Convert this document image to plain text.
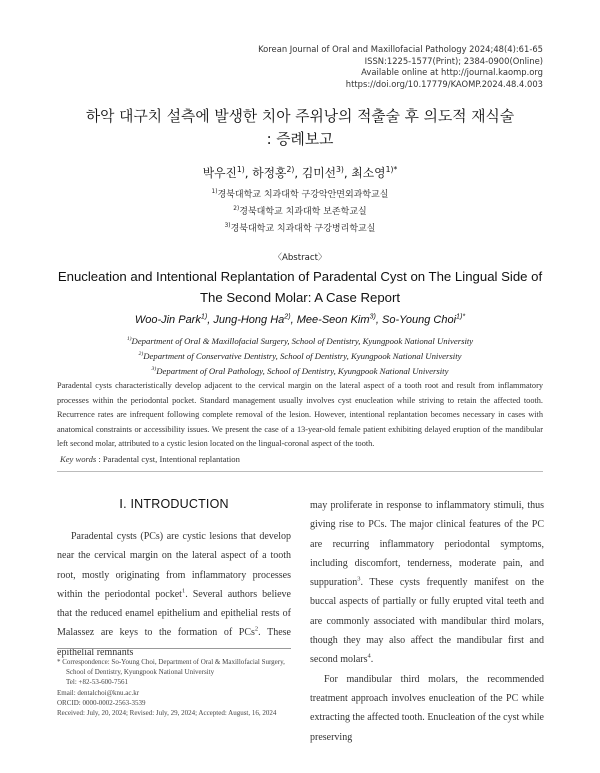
Korean Journal of Oral and Maxillofacial Pathology 2024;48(4):61-65
ISSN:1225-1577(Print); 2384-0900(Online)
Available online at http://journal.kaomp.org
https://doi.org/10.17779/KAOMP.2024.48.4.003
하악 대구치 설측에 발생한 치아 주위낭의 적출술 후 의도적 재식술
: 증례보고
박우진$^{1)}$, 하정홍$^{2)}$, 김미선$^{3)}$, 최소영$^{1)*}$
$^{1)}$경북대학교 치과대학 구강악안면외과학교실
$^{2)}$경북대학교 치과대학 보존학교실
$^{3)}$경북대학교 치과대학 구강병리학교실
〈Abstract〉
Enucleation and Intentional Replantation of Paradental Cyst on The Lingual Side of
The Second Molar: A Case Report
Woo-Jin Park$^{1)}$, Jung-Hong Ha$^{2)}$, Mee-Seon Kim$^{3)}$, So-Young Choi$^{1)*}$
$^{1)}$Department of Oral & Maxillofacial Surgery, School of Dentistry, Kyungpook National University
$^{2)}$Department of Conservative Dentistry, School of Dentistry, Kyungpook National University
$^{3)}$Department of Oral Pathology, School of Dentistry, Kyungpook National University
Paradental cysts characteristically develop adjacent to the cervical margin on the lateral aspect of a tooth root and result from inflammatory processes within the periodontal pocket. Standard management usually involves cyst enucleation while striving to retain the affected tooth. Recurrence rates are infrequent following complete removal of the lesion. However, intentional replantation becomes necessary in cases with anatomical constraints or accessibility issues. We present the case of a 13-year-old female patient exhibiting delayed eruption of the mandibular left second molar, attributed to a cystic lesion located on the lingual-coronal aspect of the tooth.
Key words : Paradental cyst, Intentional replantation
Ⅰ. INTRODUCTION

Paradental cysts (PCs) are cystic lesions that develop near the cervical margin on the lateral aspect of a tooth root, mostly originating from inflammatory processes within the periodontal pocket$^1$. Several authors believe that the reduced enamel epithelium and epithelial rests of Malassez are keys to the formation of PCs$^2$. These epithelial remnants

may proliferate in response to inflammatory stimuli, thus giving rise to PCs. The major clinical features of the PC are recurring inflammatory periodontal symptoms, including discomfort, tenderness, moderate pain, and suppuration$^3$. These cysts frequently manifest on the buccal aspects of partially or fully erupted vital teeth and are commonly associated with mandibular third molars, though they may also affect the mandibular first and second molars$^4$.

For mandibular third molars, the recommended treatment approach involves enucleation of the PC while extracting the affected tooth. Enucleation of the cyst while preserving

* Correspondence: So-Young Choi, Department of Oral & Maxillofacial Surgery,
School of Dentistry, Kyungpook National University
Tel: +82-53-600-7561
Email: dentalchoi@knu.ac.kr
ORCID: 0000-0002-2563-3539
Received: July, 20, 2024; Revised: July, 29, 2024; Accepted: August, 16, 2024
